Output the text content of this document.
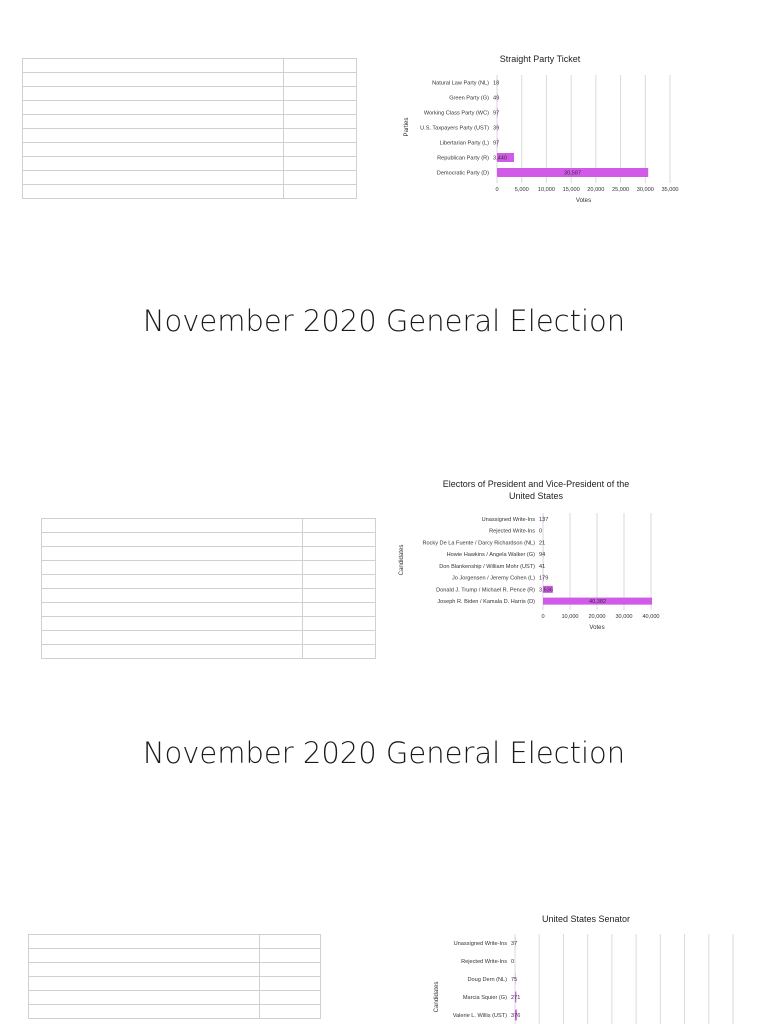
November 2020 General Election
November 2020 General Election
Straight Party Ticket
Natural Law Party (NL) 18
Green Party (G) 49
Working Class Party (WC) 97
U.S. Taxpayers Party (UST) 39
Libertarian Party (L) 97
Republican Party (R) 3,440
Democratic Party (D)	30,587
0	5,000 10,000 15,000 20,000 25,000 30,000 35,000
Votes
Parties
Electors of President and Vice-President of the
United States
Unassigned Write-Ins 137
Rejected Write-Ins 0
Rocky De La Fuente / Darcy Richardson (NL) 21
Howie Hawkins / Angela Walker (G) 94
Don Blankenship / William Mohr (UST) 41
Jo Jorgensen / Jeremy Cohen (L) 179
Donald J. Trump / Michael R. Pence (R) 3,636
Joseph R. Biden / Kamala D. Harris (D)	40,382
0	10,000 20,000 30,000 40,000
Votes
Candidates
United States Senator
Unassigned Write-Ins 37
Rejected Write-Ins 0
Doug Dern (NL) 75
Marcia Squier (G) 271
Valerie L. Willis (UST) 376
Candidates
